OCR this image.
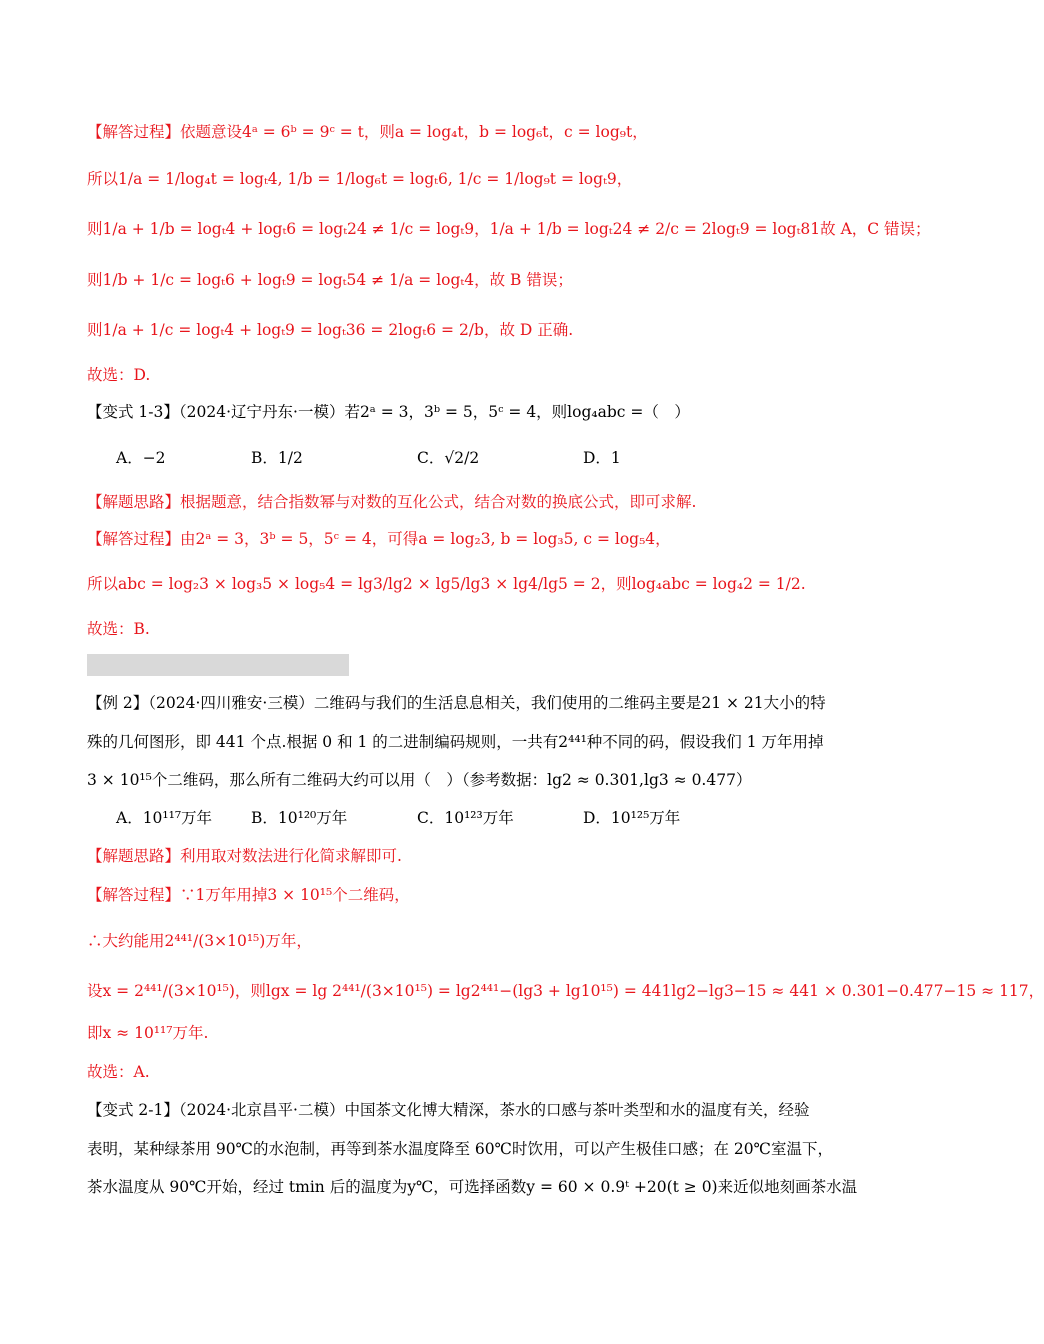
【解答过程】依题意设4ᵃ = 6ᵇ = 9ᶜ = t，则a = log₄t，b = log₆t，c = log₉t，
所以1/a = 1/log₄t = logₜ4, 1/b = 1/log₆t = logₜ6, 1/c = 1/log₉t = logₜ9，
则1/a + 1/b = logₜ4 + logₜ6 = logₜ24 ≠ 1/c = logₜ9，1/a + 1/b = logₜ24 ≠ 2/c = 2logₜ9 = logₜ81故 A，C 错误；
则1/b + 1/c = logₜ6 + logₜ9 = logₜ54 ≠ 1/a = logₜ4，故 B 错误；
则1/a + 1/c = logₜ4 + logₜ9 = logₜ36 = 2logₜ6 = 2/b，故 D 正确.
故选：D.
【变式 1-3】（2024·辽宁丹东·一模）若2ᵃ = 3，3ᵇ = 5，5ᶜ = 4，则log₄abc =（　）
A．−2	B．1/2	C．√2/2	D．1
【解题思路】根据题意，结合指数幂与对数的互化公式，结合对数的换底公式，即可求解.
【解答过程】由2ᵃ = 3，3ᵇ = 5，5ᶜ = 4，可得a = log₂3, b = log₃5, c = log₅4，
所以abc = log₂3 × log₃5 × log₅4 = lg3/lg2 × lg5/lg3 × lg4/lg5 = 2，则log₄abc = log₄2 = 1/2.
故选：B.
【例 2】（2024·四川雅安·三模）二维码与我们的生活息息相关，我们使用的二维码主要是21 × 21大小的特
殊的几何图形，即 441 个点.根据 0 和 1 的二进制编码规则，一共有2⁴⁴¹种不同的码，假设我们 1 万年用掉
3 × 10¹⁵个二维码，那么所有二维码大约可以用（　）（参考数据：lg2 ≈ 0.301,lg3 ≈ 0.477）
A．10¹¹⁷万年	B．10¹²⁰万年	C．10¹²³万年	D．10¹²⁵万年
【解题思路】利用取对数法进行化简求解即可.
【解答过程】∵1万年用掉3 × 10¹⁵个二维码，
∴大约能用2⁴⁴¹/(3×10¹⁵)万年，
设x = 2⁴⁴¹/(3×10¹⁵)，则lgx = lg 2⁴⁴¹/(3×10¹⁵) = lg2⁴⁴¹−(lg3 + lg10¹⁵) = 441lg2−lg3−15 ≈ 441 × 0.301−0.477−15 ≈ 117，
即x ≈ 10¹¹⁷万年.
故选：A.
【变式 2-1】（2024·北京昌平·二模）中国茶文化博大精深，茶水的口感与茶叶类型和水的温度有关，经验
表明，某种绿茶用 90℃的水泡制，再等到茶水温度降至 60℃时饮用，可以产生极佳口感；在 20℃室温下，
茶水温度从 90℃开始，经过 tmin 后的温度为y℃，可选择函数y = 60 × 0.9ᵗ +20(t ≥ 0)来近似地刻画茶水温
